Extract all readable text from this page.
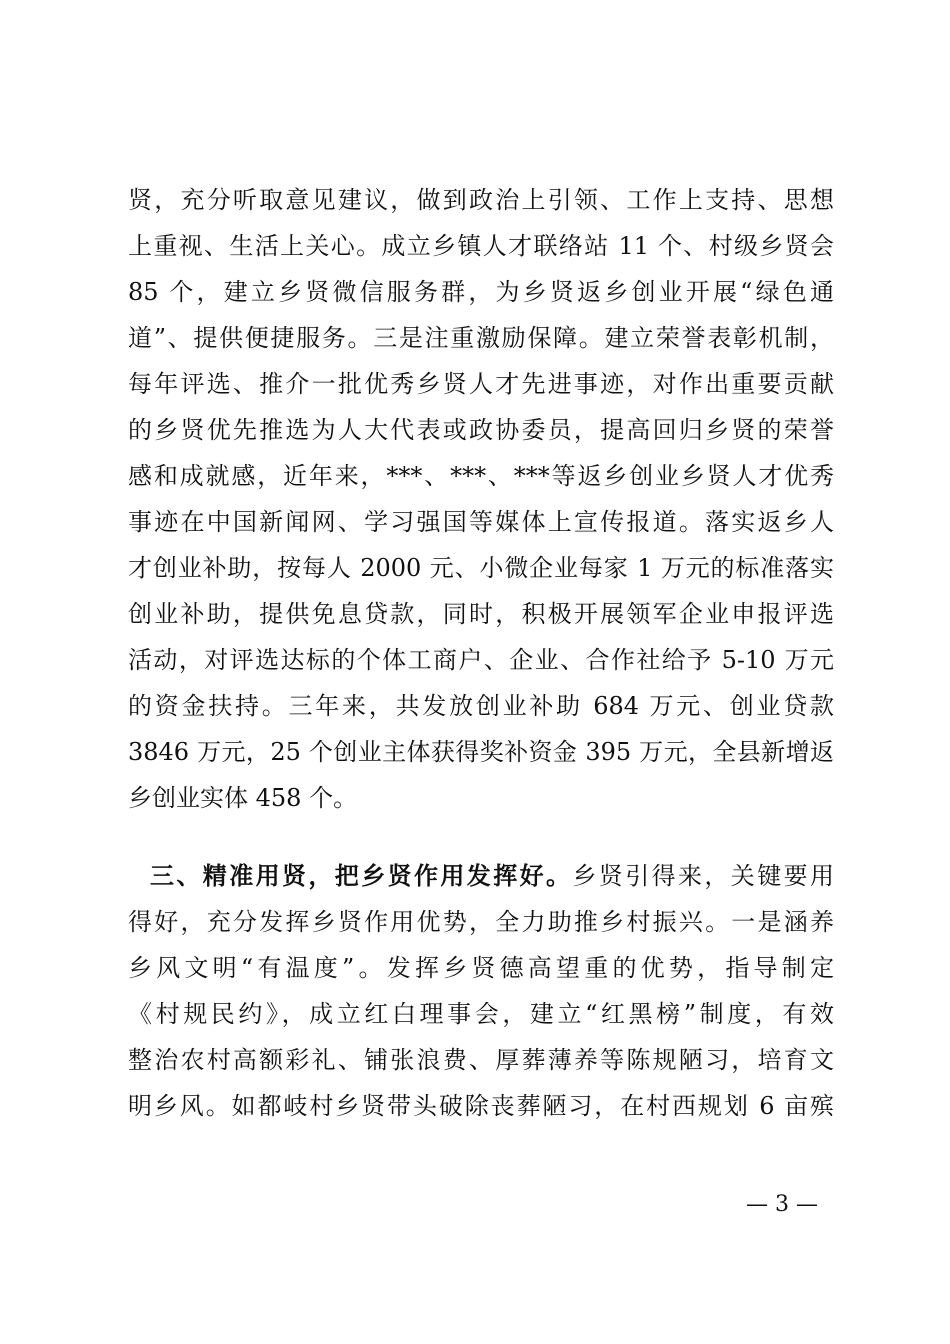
贤，充分听取意见建议，做到政治上引领、工作上支持、思想
上重视、生活上关心。成立乡镇人才联络站 11 个、村级乡贤会
85 个，建立乡贤微信服务群，为乡贤返乡创业开展“绿色通
道”、提供便捷服务。三是注重激励保障。建立荣誉表彰机制，
每年评选、推介一批优秀乡贤人才先进事迹，对作出重要贡献
的乡贤优先推选为人大代表或政协委员，提高回归乡贤的荣誉
感和成就感，近年来，***、***、***等返乡创业乡贤人才优秀
事迹在中国新闻网、学习强国等媒体上宣传报道。落实返乡人
才创业补助，按每人 2000 元、小微企业每家 1 万元的标准落实
创业补助，提供免息贷款，同时，积极开展领军企业申报评选
活动，对评选达标的个体工商户、企业、合作社给予 5-10 万元
的资金扶持。三年来，共发放创业补助 684 万元、创业贷款
3846 万元，25 个创业主体获得奖补资金 395 万元，全县新增返
乡创业实体 458 个。
三、精准用贤，把乡贤作用发挥好。乡贤引得来，关键要用
得好，充分发挥乡贤作用优势，全力助推乡村振兴。一是涵养
乡风文明“有温度”。发挥乡贤德高望重的优势，指导制定
《村规民约》，成立红白理事会，建立“红黑榜”制度，有效
整治农村高额彩礼、铺张浪费、厚葬薄养等陈规陋习，培育文
明乡风。如都岐村乡贤带头破除丧葬陋习，在村西规划 6 亩殡
— 3 —
